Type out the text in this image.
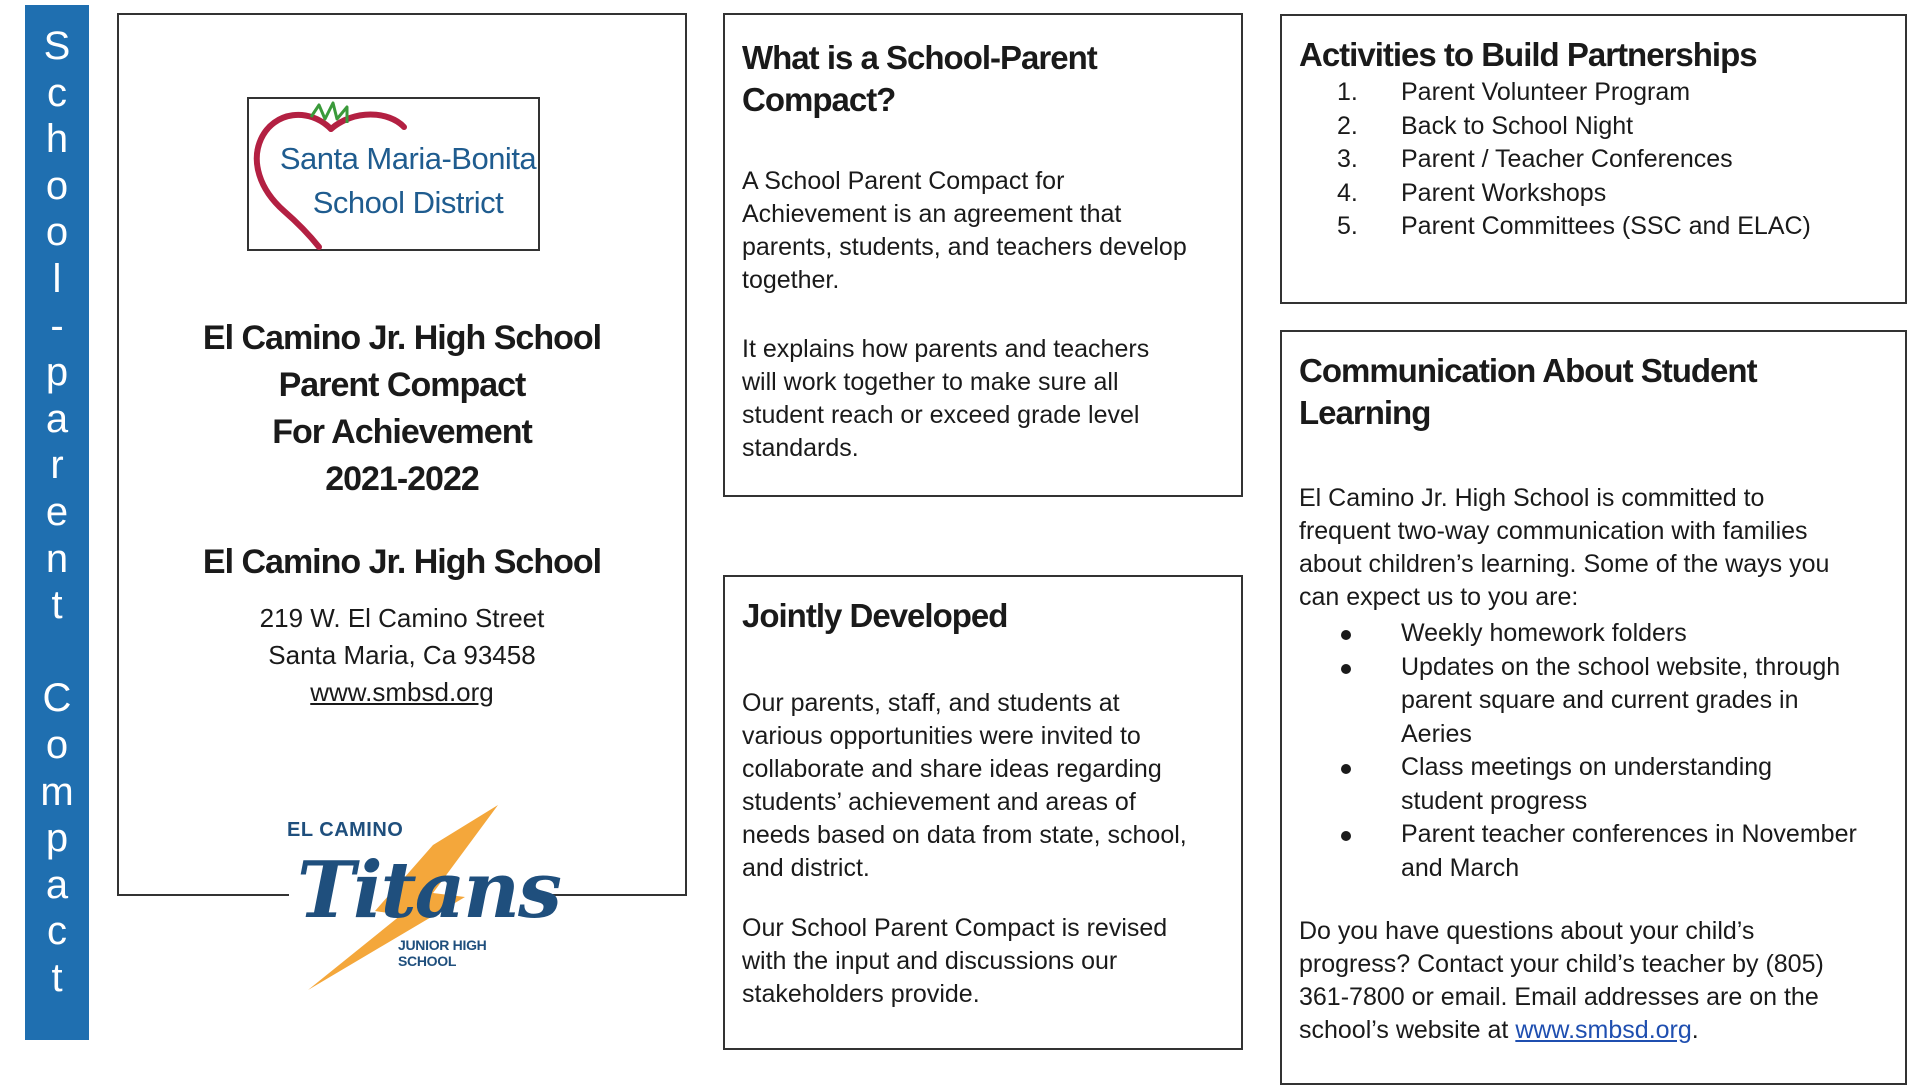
S
c
h
o
o
l
-
p
a
r
e
n
t
C
o
m
p
a
c
t
Santa Maria-Bonita
School District
El Camino Jr. High School
Parent Compact
For Achievement
2021-2022
El Camino Jr. High School
219 W. El Camino Street
Santa Maria, Ca 93458
www.smbsd.org
EL CAMINO
Titans
JUNIOR HIGH SCHOOL
What is a School-Parent
Compact?
A School Parent Compact for
Achievement is an agreement that
parents, students, and teachers develop
together.
It explains how parents and teachers
will work together to make sure all
student reach or exceed grade level
standards.
Jointly Developed
Our parents, staff, and students at
various opportunities were invited to
collaborate and share ideas regarding
students’ achievement and areas of
needs based on data from state, school,
and district.
Our School Parent Compact is revised
with the input and discussions our
stakeholders provide.
Activities to Build Partnerships
1. Parent Volunteer Program
2. Back to School Night
3. Parent / Teacher Conferences
4. Parent Workshops
5. Parent Committees (SSC and ELAC)
Communication About Student
Learning
El Camino Jr. High School is committed to
frequent two-way communication with families
about children’s learning. Some of the ways you
can expect us to you are:
Weekly homework folders
Updates on the school website, through
parent square and current grades in
Aeries
Class meetings on understanding
student progress
Parent teacher conferences in November
and March
Do you have questions about your child’s
progress? Contact your child’s teacher by (805)
361-7800 or email. Email addresses are on the
school’s website at www.smbsd.org.
